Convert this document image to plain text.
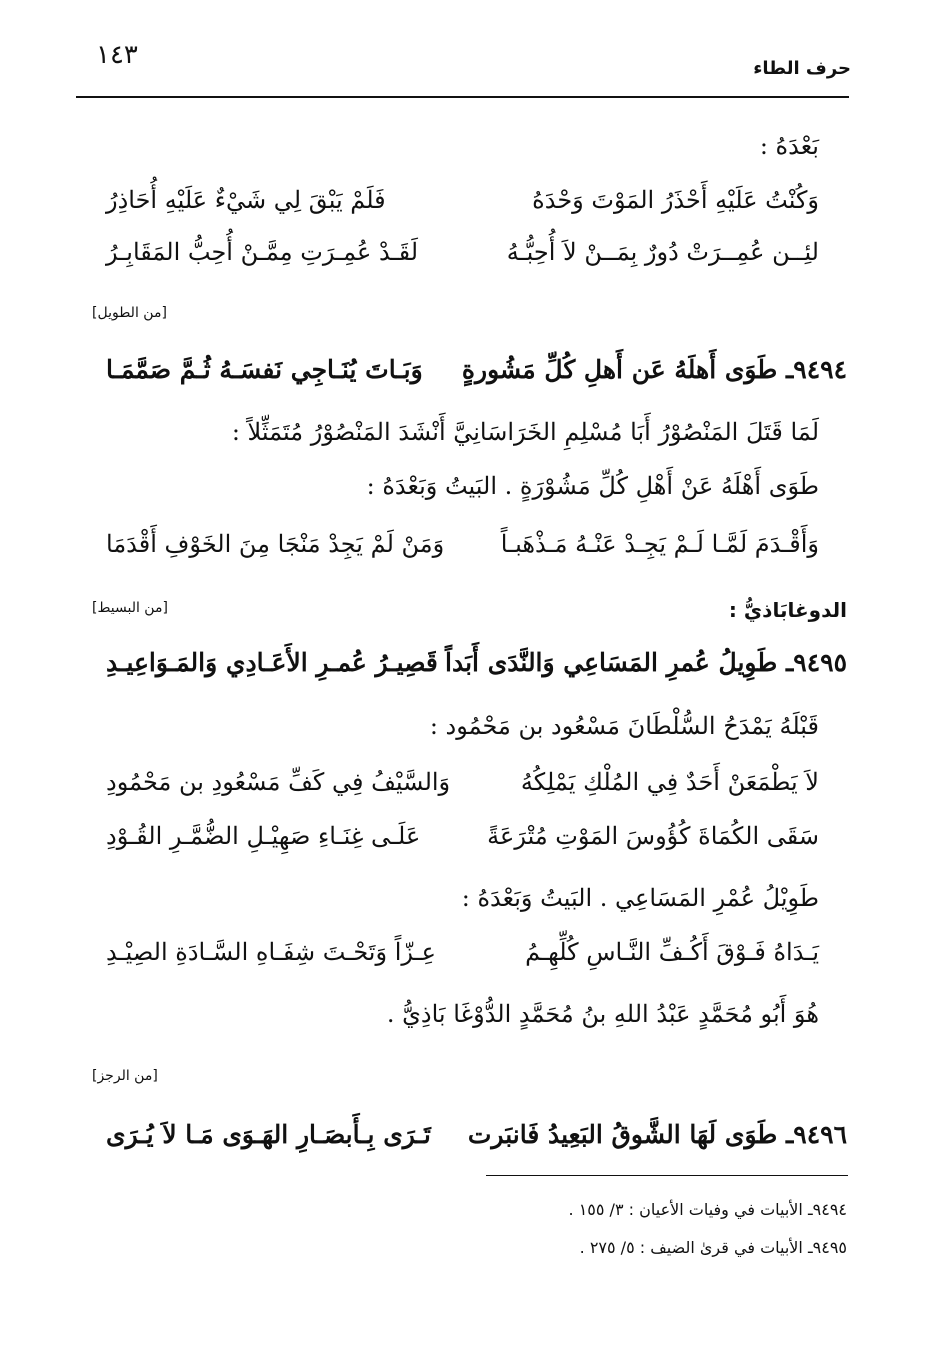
حرف الطاء
١٤٣
بَعْدَهُ :
وَكُنْتُ عَلَيْهِ أَحْذَرُ المَوْتَ وَحْدَهُ
فَلَمْ يَبْقَ لِي شَيْءٌ عَلَيْهِ أُحَاذِرُ
لئِــن عُمِــرَتْ دُورٌ بِمَــنْ لاَ أُحِبُّـهُ
لَقَـدْ عُمِـرَتِ مِمَّـنْ أُحِبُّ المَقَابِـرُ
[من الطويل]
٩٤٩٤ـ طَوَى أَهلَهُ عَن أَهلِ كُلِّ مَشُورةٍ
وَبَـاتَ يُنَـاجِي نَفسَـهُ ثُـمَّ صَمَّمَـا
لَمَا قَتَلَ المَنْصُوْرُ أَبَا مُسْلِمِ الخَرَاسَانِيَّ أَنْشَدَ المَنْصُوْرُ مُتَمَثِّلاً :
طَوَى أَهْلَهُ عَنْ أَهْلِ كُلِّ مَشُوْرَةٍ . البَيتُ وَبَعْدَهُ :
وَأَقْـدَمَ لَمَّـا لَـمْ يَجِـدْ عَنْـهُ مَـذْهَبـاً
وَمَنْ لَمْ يَجِدْ مَنْجَا مِنَ الخَوْفِ أَقْدَمَا
الدوغابَاذيُّ :
[من البسيط]
٩٤٩٥ـ طَوِيلُ عُمرِ المَسَاعِي وَالنَّدَى أَبَداً
قَصِيـرُ عُمـرِ الأَعَـادِي وَالمَـوَاعِيـدِ
قَبْلَهُ يَمْدَحُ السُّلْطَانَ مَسْعُود بن مَحْمُود :
لاَ يَطْمَعَنْ أَحَدٌ فِي المُلْكِ يَمْلِكُهُ
وَالسَّيْفُ فِي كَفِّ مَسْعُودِ بن مَحْمُودِ
سَقَى الكُمَاةَ كُؤُوسَ المَوْتِ مُتْرَعَةً
عَلَـى غِنَـاءِ صَهِيْـلِ الضُّمَّـرِ القُـوْدِ
طَوِيْلُ عُمْرِ المَسَاعِي . البَيتُ وَبَعْدَهُ :
يَـدَاهُ فَـوْقَ أَكُـفِّ النَّـاسِ كُلِّهِـمُ
عِـزّاً وَتَحْـتَ شِفَـاهِ السَّـادَةِ الصِيْـدِ
هُوَ أَبُو مُحَمَّدٍ عَبْدُ اللهِ بنُ مُحَمَّدٍ الدُّوْغَا بَاذِيُّ .
[من الرجز]
٩٤٩٦ـ طَوَى لَهَا الشَّوقُ البَعِيدُ فَانبَرت
تَـرَى بِـأَبصَـارِ الهَـوَى مَـا لاَ يُـرَى
٩٤٩٤ـ الأبيات في وفيات الأعيان : ٣/ ١٥٥ .
٩٤٩٥ـ الأبيات في قرىٰ الضيف : ٥/ ٢٧٥ .
